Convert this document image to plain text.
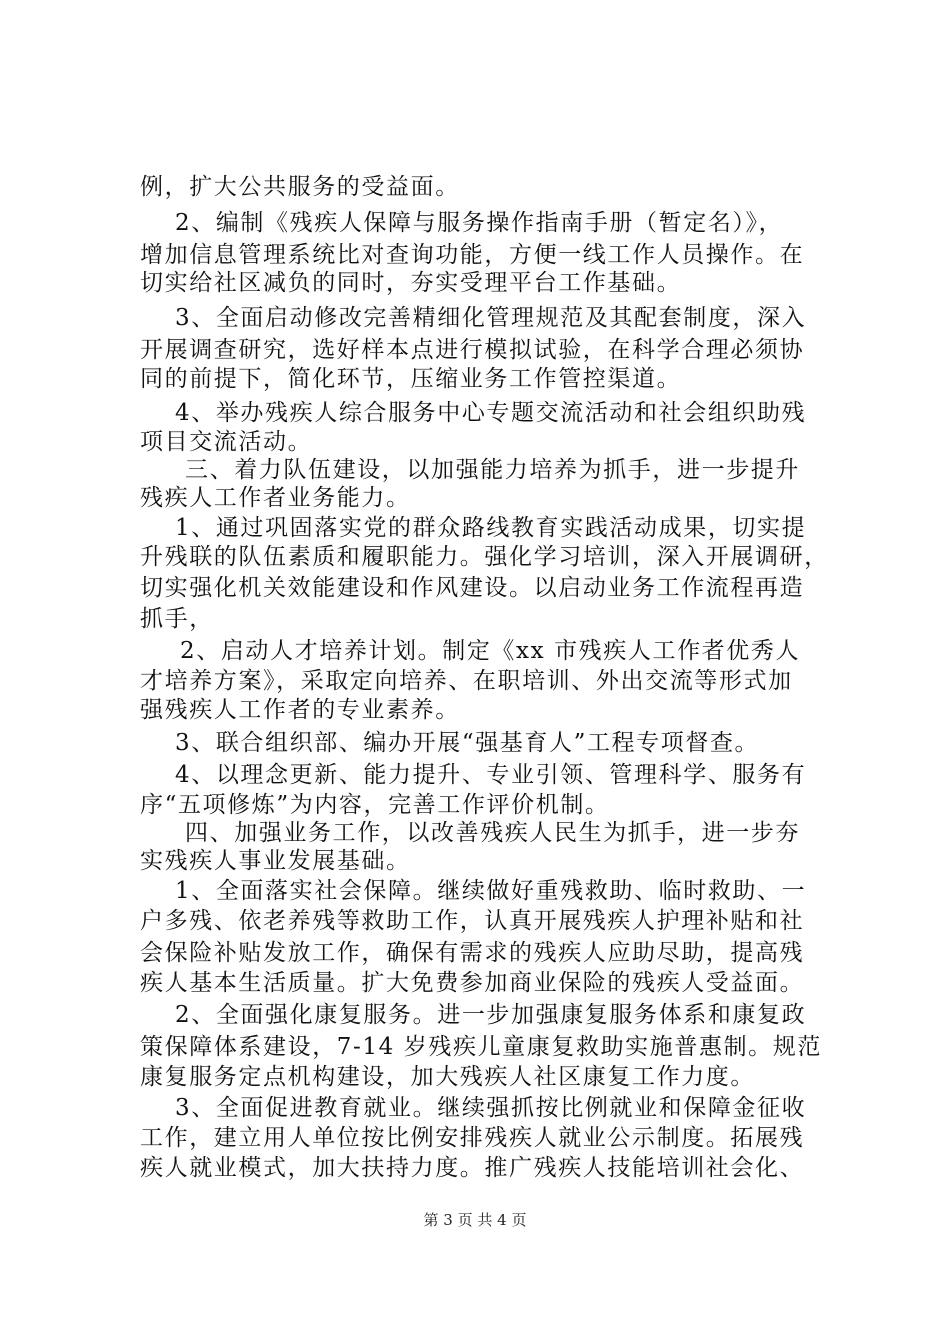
例，扩大公共服务的受益面。
2、编制《残疾人保障与服务操作指南手册（暂定名）》，
增加信息管理系统比对查询功能，方便一线工作人员操作。在
切实给社区减负的同时，夯实受理平台工作基础。
3、全面启动修改完善精细化管理规范及其配套制度，深入
开展调查研究，选好样本点进行模拟试验，在科学合理必须协
同的前提下，简化环节，压缩业务工作管控渠道。
4、举办残疾人综合服务中心专题交流活动和社会组织助残
项目交流活动。
三、着力队伍建设，以加强能力培养为抓手，进一步提升
残疾人工作者业务能力。
1、通过巩固落实党的群众路线教育实践活动成果，切实提
升残联的队伍素质和履职能力。强化学习培训，深入开展调研，
切实强化机关效能建设和作风建设。以启动业务工作流程再造
抓手，
2、启动人才培养计划。制定《xx 市残疾人工作者优秀人
才培养方案》，采取定向培养、在职培训、外出交流等形式加
强残疾人工作者的专业素养。
3、联合组织部、编办开展“强基育人”工程专项督查。
4、以理念更新、能力提升、专业引领、管理科学、服务有
序“五项修炼”为内容，完善工作评价机制。
四、加强业务工作，以改善残疾人民生为抓手，进一步夯
实残疾人事业发展基础。
1、全面落实社会保障。继续做好重残救助、临时救助、一
户多残、依老养残等救助工作，认真开展残疾人护理补贴和社
会保险补贴发放工作，确保有需求的残疾人应助尽助，提高残
疾人基本生活质量。扩大免费参加商业保险的残疾人受益面。
2、全面强化康复服务。进一步加强康复服务体系和康复政
策保障体系建设，7-14 岁残疾儿童康复救助实施普惠制。规范
康复服务定点机构建设，加大残疾人社区康复工作力度。
3、全面促进教育就业。继续强抓按比例就业和保障金征收
工作，建立用人单位按比例安排残疾人就业公示制度。拓展残
疾人就业模式，加大扶持力度。推广残疾人技能培训社会化、
第 3 页 共 4 页
